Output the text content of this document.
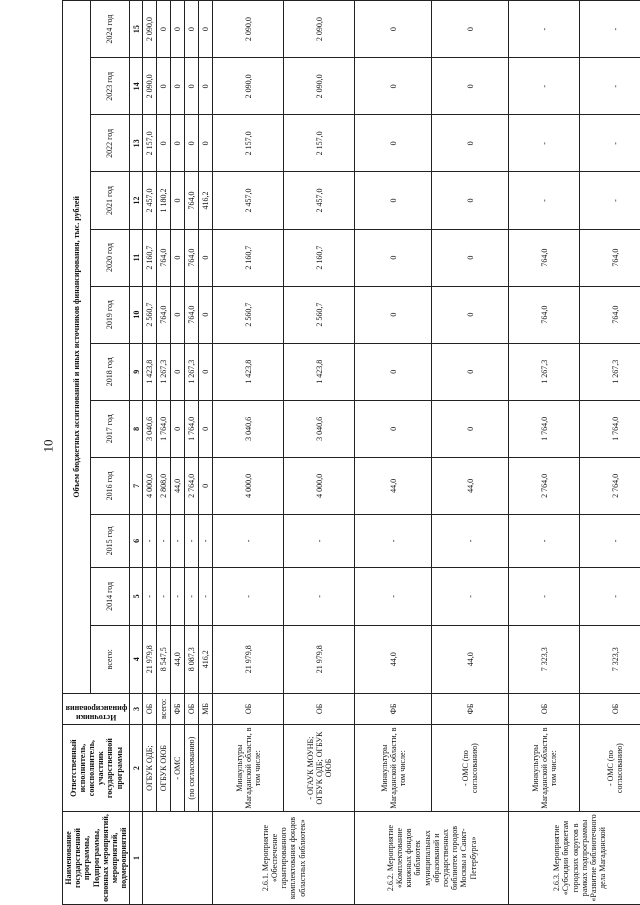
10
Наименование государственной программы, Подпрограммы, основных мероприятий, мероприятий, подмероприятий	Ответственный исполнитель, соисполнитель, участник государственной программы	Источники финансирования	Объем бюджетных ассигнований и иных источников финансирования, тыс. рублей											
			всего:	2014 год	2015 год	2016 год	2017 год	2018 год	2019 год	2020 год	2021 год	2022 год	2023 год	2024 год
1	2	3	4	5	6	7	8	9	10	11	12	13	14	15
	ОГБУК ОДБ;	ОБ	21 979,8	-	-	4 000,0	3 040,6	1 423,8	2 560,7	2 160,7	2 457,0	2 157,0	2 090,0	2 090,0
	ОГБУК ОЮБ	всего:	8 547,5	-	-	2 808,0	1 764,0	1 267,3	764,0	764,0	1 180,2	0	0	0
	- ОМС	ФБ	44,0	-	-	44,0	0	0	0	0	0	0	0	0
	(по согласованию)	ОБ	8 087,3	-	-	2 764,0	1 764,0	1 267,3	764,0	764,0	764,0	0	0	0
		МБ	416,2	-	-	0	0	0	0	0	416,2	0	0	0
2.6.1. Мероприятие «Обеспечение гарантированного комплектования фондов областных библиотек»	Минкультуры Магаданской области, в том числе:	ОБ	21 979,8	-	-	4 000,0	3 040,6	1 423,8	2 560,7	2 160,7	2 457,0	2 157,0	2 090,0	2 090,0
	- ОГАУК МОУНБ; ОГБУК ОДБ; ОГБУК ОЮБ	ОБ	21 979,8	-	-	4 000,0	3 040,6	1 423,8	2 560,7	2 160,7	2 457,0	2 157,0	2 090,0	2 090,0
2.6.2. Мероприятие «Комплектование книжных фондов библиотек муниципальных образований и государственных библиотек городов Москвы и Санкт-Петербурга»	Минкультуры Магаданской области, в том числе:	ФБ	44,0	-	-	44,0	0	0	0	0	0	0	0	0
	- ОМС (по согласованию)	ФБ	44,0	-	-	44,0	0	0	0	0	0	0	0	0
2.6.3. Мероприятие «Субсидии бюджетам городских округов в рамках подпрограммы «Развитие библиотечного дела Магаданской	Минкультуры Магаданской области, в том числе:	ОБ	7 323,3	-	-	2 764,0	1 764,0	1 267,3	764,0	764,0	-	-	-	-
	- ОМС (по согласованию)	ОБ	7 323,3	-	-	2 764,0	1 764,0	1 267,3	764,0	764,0	-	-	-	-
